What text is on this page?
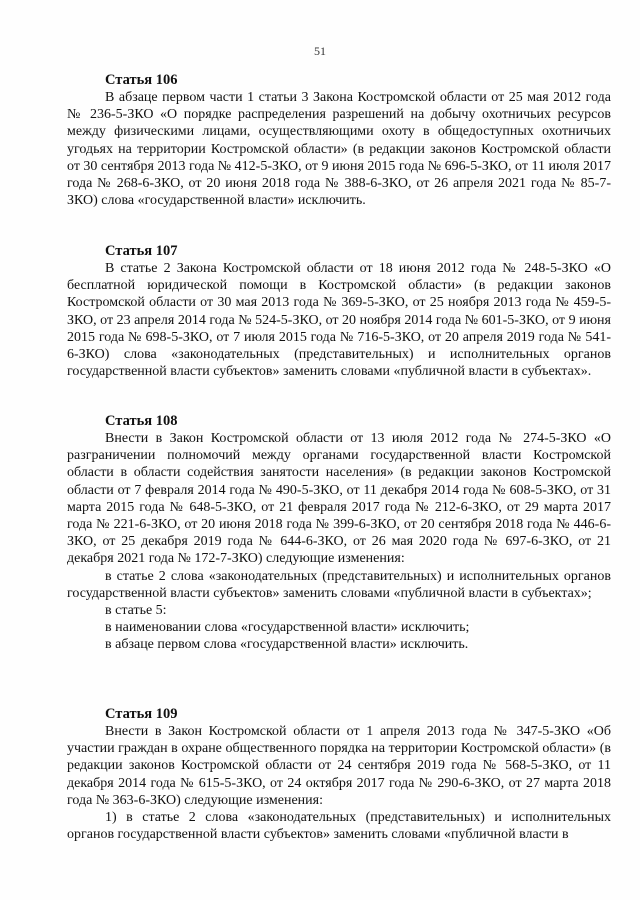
51
Статья 106

В абзаце первом части 1 статьи 3 Закона Костромской области от 25 мая 2012 года № 236-5-ЗКО «О порядке распределения разрешений на добычу охотничьих ресурсов между физическими лицами, осуществляющими охоту в общедоступных охотничьих угодьях на территории Костромской области» (в редакции законов Костромской области от 30 сентября 2013 года № 412-5-ЗКО, от 9 июня 2015 года № 696-5-ЗКО, от 11 июля 2017 года № 268-6-ЗКО, от 20 июня 2018 года № 388-6-ЗКО, от 26 апреля 2021 года № 85-7-ЗКО) слова «государственной власти» исключить.

Статья 107

В статье 2 Закона Костромской области от 18 июня 2012 года № 248-5-ЗКО «О бесплатной юридической помощи в Костромской области» (в редакции законов Костромской области от 30 мая 2013 года № 369-5-ЗКО, от 25 ноября 2013 года № 459-5-ЗКО, от 23 апреля 2014 года № 524-5-ЗКО, от 20 ноября 2014 года № 601-5-ЗКО, от 9 июня 2015 года № 698-5-ЗКО, от 7 июля 2015 года № 716-5-ЗКО, от 20 апреля 2019 года № 541-6-ЗКО) слова «законодательных (представительных) и исполнительных органов государственной власти субъектов» заменить словами «публичной власти в субъектах».

Статья 108

Внести в Закон Костромской области от 13 июля 2012 года № 274-5-ЗКО «О разграничении полномочий между органами государственной власти Костромской области в области содействия занятости населения» (в редакции законов Костромской области от 7 февраля 2014 года № 490-5-ЗКО, от 11 декабря 2014 года № 608-5-ЗКО, от 31 марта 2015 года № 648-5-ЗКО, от 21 февраля 2017 года № 212-6-ЗКО, от 29 марта 2017 года № 221-6-ЗКО, от 20 июня 2018 года № 399-6-ЗКО, от 20 сентября 2018 года № 446-6-ЗКО, от 25 декабря 2019 года № 644-6-ЗКО, от 26 мая 2020 года № 697-6-ЗКО, от 21 декабря 2021 года № 172-7-ЗКО) следующие изменения:

в статье 2 слова «законодательных (представительных) и исполнительных органов государственной власти субъектов» заменить словами «публичной власти в субъектах»;

в статье 5:

в наименовании слова «государственной власти» исключить;

в абзаце первом слова «государственной власти» исключить.

Статья 109

Внести в Закон Костромской области от 1 апреля 2013 года № 347-5-ЗКО «Об участии граждан в охране общественного порядка на территории Костромской области» (в редакции законов Костромской области от 24 сентября 2019 года № 568-5-ЗКО, от 11 декабря 2014 года № 615-5-ЗКО, от 24 октября 2017 года № 290-6-ЗКО, от 27 марта 2018 года № 363-6-ЗКО) следующие изменения:

1) в статье 2 слова «законодательных (представительных) и исполнительных органов государственной власти субъектов» заменить словами «публичной власти в
